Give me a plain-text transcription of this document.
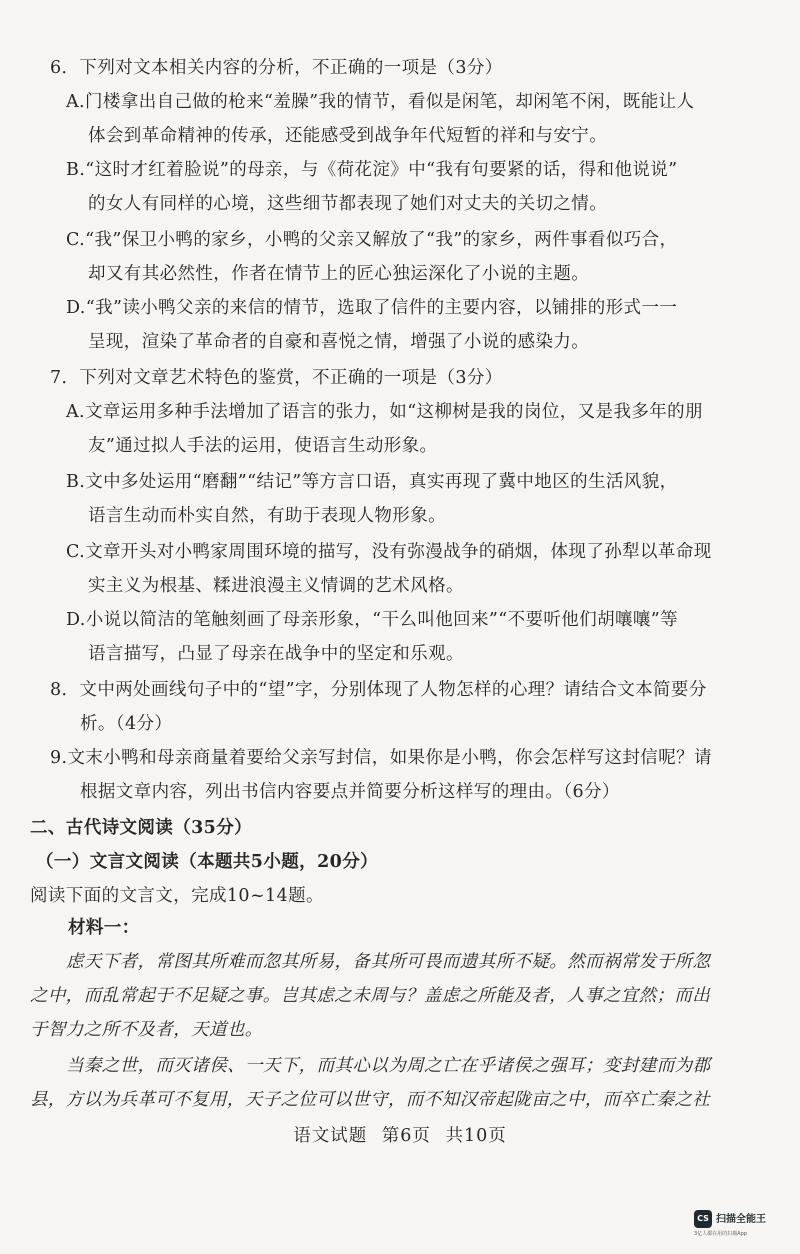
6．下列对文本相关内容的分析，不正确的一项是（3分）
A.门楼拿出自己做的枪来“羞臊”我的情节，看似是闲笔，却闲笔不闲，既能让人
体会到革命精神的传承，还能感受到战争年代短暂的祥和与安宁。
B.“这时才红着脸说”的母亲，与《荷花淀》中“我有句要紧的话，得和他说说”
的女人有同样的心境，这些细节都表现了她们对丈夫的关切之情。
C.“我”保卫小鸭的家乡，小鸭的父亲又解放了“我”的家乡，两件事看似巧合，
却又有其必然性，作者在情节上的匠心独运深化了小说的主题。
D.“我”读小鸭父亲的来信的情节，选取了信件的主要内容，以铺排的形式一一
呈现，渲染了革命者的自豪和喜悦之情，增强了小说的感染力。
7．下列对文章艺术特色的鉴赏，不正确的一项是（3分）
A.文章运用多种手法增加了语言的张力，如“这柳树是我的岗位，又是我多年的朋
友”通过拟人手法的运用，使语言生动形象。
B.文中多处运用“磨翻”“结记”等方言口语，真实再现了冀中地区的生活风貌，
语言生动而朴实自然，有助于表现人物形象。
C.文章开头对小鸭家周围环境的描写，没有弥漫战争的硝烟，体现了孙犁以革命现
实主义为根基、糅进浪漫主义情调的艺术风格。
D.小说以简洁的笔触刻画了母亲形象，“干么叫他回来”“不要听他们胡嚷嚷”等
语言描写，凸显了母亲在战争中的坚定和乐观。
8．文中两处画线句子中的“望”字，分别体现了人物怎样的心理？请结合文本简要分
析。（4分）
9.文末小鸭和母亲商量着要给父亲写封信，如果你是小鸭，你会怎样写这封信呢？请
根据文章内容，列出书信内容要点并简要分析这样写的理由。（6分）
二、古代诗文阅读（35分）
（一）文言文阅读（本题共5小题，20分）
阅读下面的文言文，完成10~14题。
材料一：
虑天下者，常图其所难而忽其所易，备其所可畏而遗其所不疑。然而祸常发于所忽
之中，而乱常起于不足疑之事。岂其虑之未周与？盖虑之所能及者，人事之宜然；而出
于智力之所不及者，天道也。
当秦之世，而灭诸侯、一天下，而其心以为周之亡在乎诸侯之强耳；变封建而为郡
县，方以为兵革可不复用，天子之位可以世守，而不知汉帝起陇亩之中，而卒亡秦之社
语文试题 第6页 共10页
CS 扫描全能王
3亿人都在用的扫描App
